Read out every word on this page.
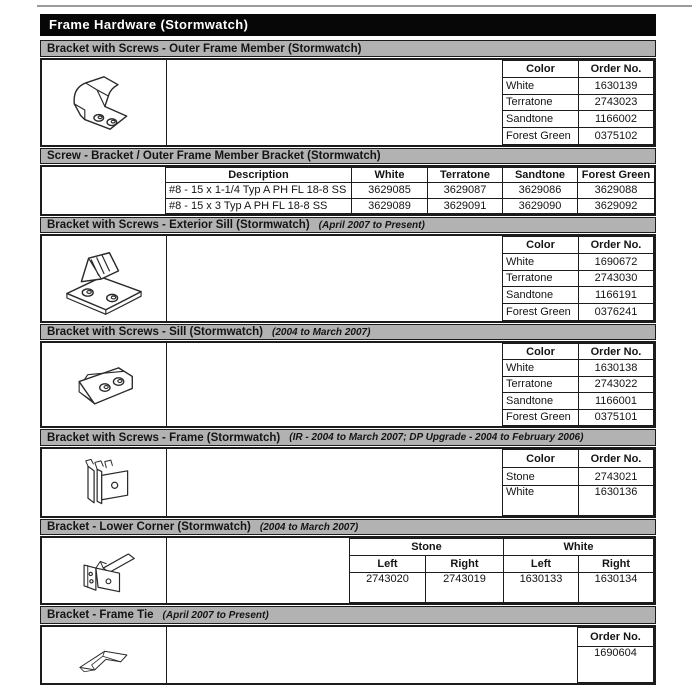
Frame Hardware (Stormwatch)
Bracket with Screws - Outer Frame Member (Stormwatch)
Color	Order No.
White	1630139
Terratone	2743023
Sandtone	1166002
Forest Green	0375102
Screw - Bracket / Outer Frame Member Bracket (Stormwatch)
Description	White	Terratone	Sandtone	Forest Green
#8 - 15 x 1-1/4 Typ A PH FL 18-8 SS	3629085	3629087	3629086	3629088
#8 - 15 x 3 Typ A PH FL 18-8 SS	3629089	3629091	3629090	3629092
Bracket with Screws - Exterior Sill (Stormwatch) (April 2007 to Present)
Color	Order No.
White	1690672
Terratone	2743030
Sandtone	1166191
Forest Green	0376241
Bracket with Screws - Sill (Stormwatch) (2004 to March 2007)
Color	Order No.
White	1630138
Terratone	2743022
Sandtone	1166001
Forest Green	0375101
Bracket with Screws - Frame (Stormwatch) (IR - 2004 to March 2007; DP Upgrade - 2004 to February 2006)
Color	Order No.
Stone	2743021
White	1630136
Bracket - Lower Corner (Stormwatch) (2004 to March 2007)
Stone		White	
Left	Right	Left	Right
2743020	2743019	1630133	1630134
Bracket - Frame Tie (April 2007 to Present)
Order No.
1690604
